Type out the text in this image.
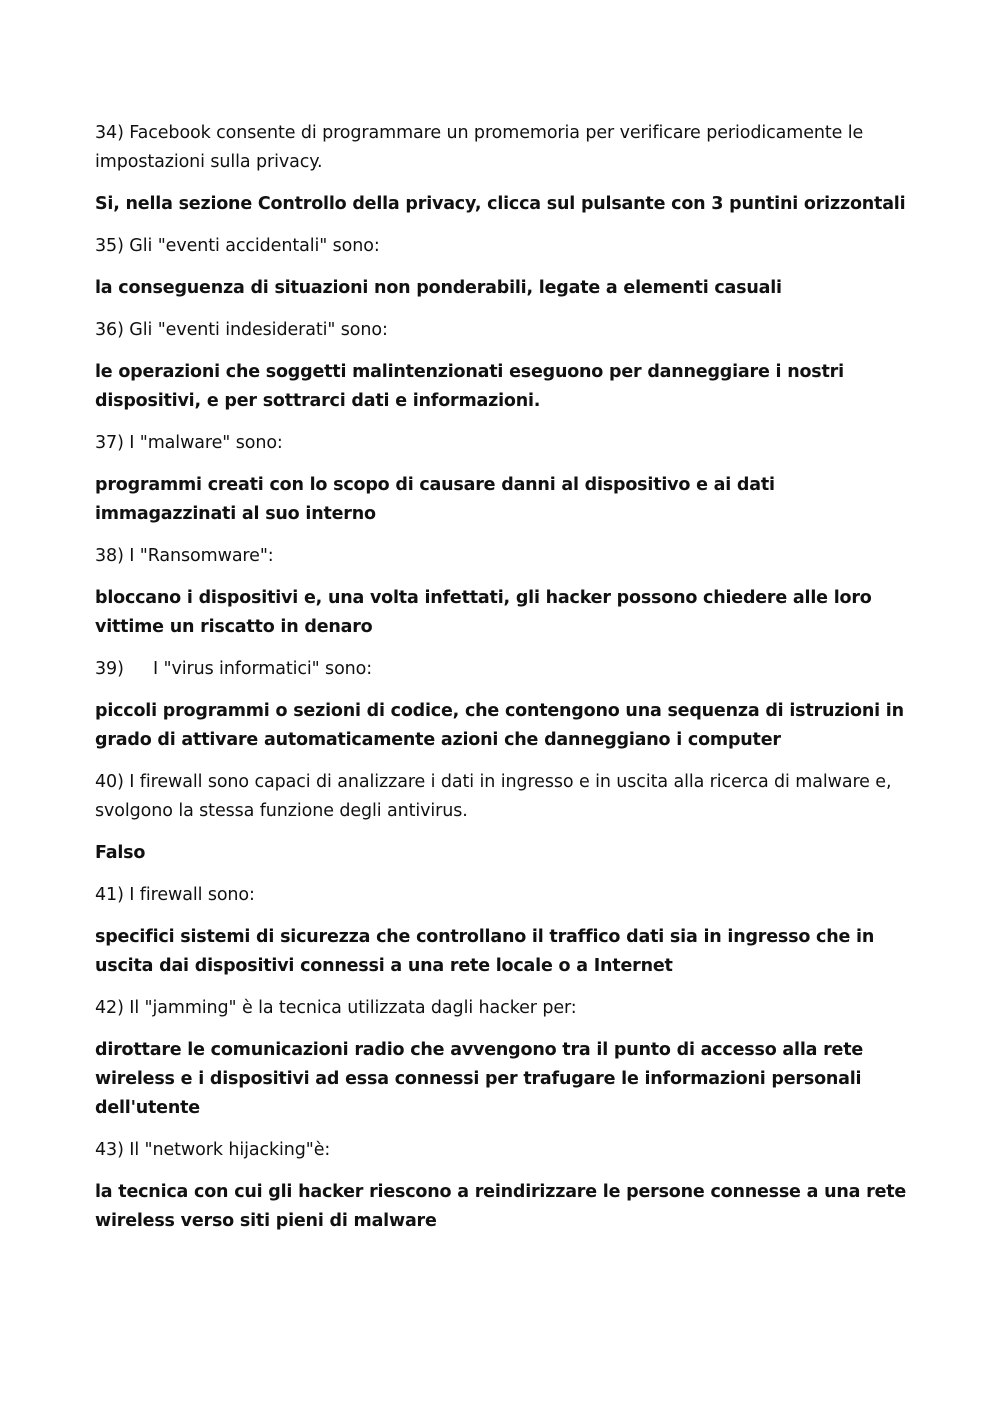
34) Facebook consente di programmare un promemoria per verificare periodicamente le impostazioni sulla privacy.

Si, nella sezione Controllo della privacy, clicca sul pulsante con 3 puntini orizzontali

35) Gli "eventi accidentali" sono:

la conseguenza di situazioni non ponderabili, legate a elementi casuali

36) Gli "eventi indesiderati" sono:

le operazioni che soggetti malintenzionati eseguono per danneggiare i nostri dispositivi, e per sottrarci dati e informazioni.

37) I "malware" sono:

programmi creati con lo scopo di causare danni al dispositivo e ai dati immagazzinati al suo interno

38) I "Ransomware":

bloccano i dispositivi e, una volta infettati, gli hacker possono chiedere alle loro vittime un riscatto in denaro

39) I "virus informatici" sono:

piccoli programmi o sezioni di codice, che contengono una sequenza di istruzioni in grado di attivare automaticamente azioni che danneggiano i computer

40) I firewall sono capaci di analizzare i dati in ingresso e in uscita alla ricerca di malware e, svolgono la stessa funzione degli antivirus.

Falso

41) I firewall sono:

specifici sistemi di sicurezza che controllano il traffico dati sia in ingresso che in uscita dai dispositivi connessi a una rete locale o a Internet

42) Il "jamming" è la tecnica utilizzata dagli hacker per:

dirottare le comunicazioni radio che avvengono tra il punto di accesso alla rete wireless e i dispositivi ad essa connessi per trafugare le informazioni personali dell'utente

43) Il "network hijacking"è:

la tecnica con cui gli hacker riescono a reindirizzare le persone connesse a una rete wireless verso siti pieni di malware
